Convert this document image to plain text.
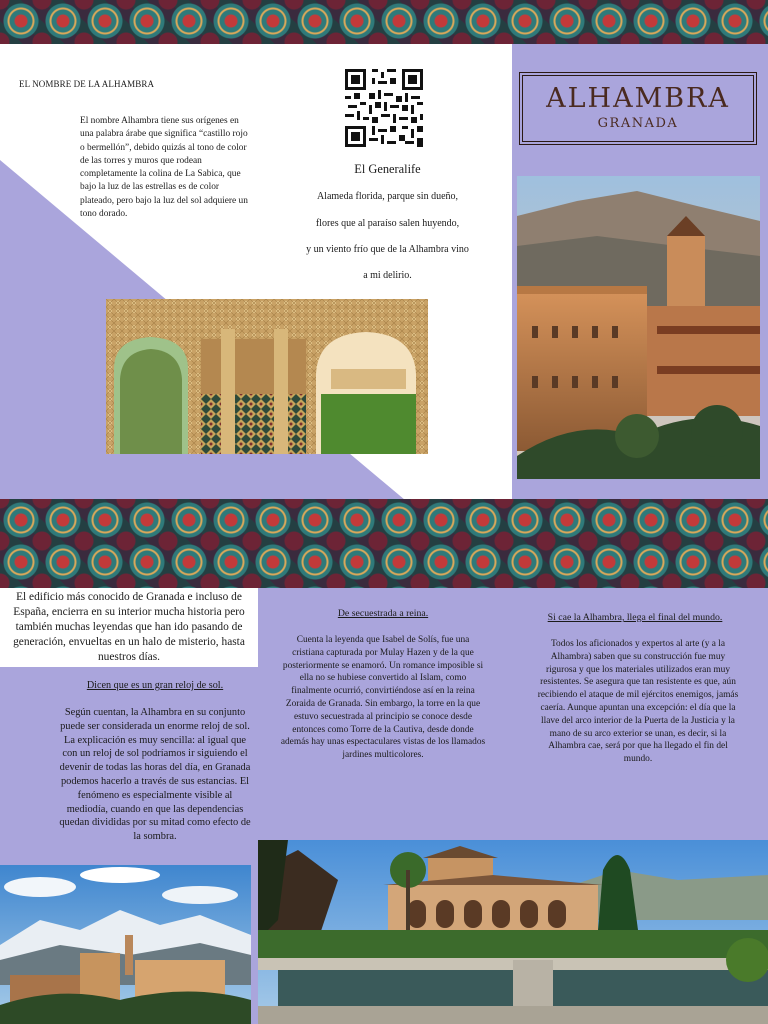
EL NOMBRE DE LA ALHAMBRA
El nombre Alhambra tiene sus orígenes en una palabra árabe que significa “castillo rojo o bermellón”, debido quizás al tono de color de las torres y muros que rodean completamente la colina de La Sabica, que bajo la luz de las estrellas es de color plateado, pero bajo la luz del sol adquiere un tono dorado.
El Generalife
Alameda florida, parque sin dueño,
flores que al paraíso salen huyendo,
y un viento frío que de la Alhambra vino
a mi delirio.
ALHAMBRA
GRANADA
El edificio más conocido de Granada e incluso de España, encierra en su interior mucha historia pero también muchas leyendas que han ido pasando de generación, envueltas en un halo de misterio, hasta nuestros días.
Dicen que es un gran reloj de sol.
Según cuentan, la Alhambra en su conjunto puede ser considerada un enorme reloj de sol. La explicación es muy sencilla: al igual que con un reloj de sol podríamos ir siguiendo el devenir de todas las horas del día, en Granada podemos hacerlo a través de sus estancias. El fenómeno es especialmente visible al mediodía, cuando en que las dependencias quedan divididas por su mitad como efecto de la sombra.
De secuestrada a reina.
Cuenta la leyenda que Isabel de Solís, fue una cristiana capturada por Mulay Hazen y de la que posteriormente se enamoró. Un romance imposible si ella no se hubiese convertido al Islam, como finalmente ocurrió, convirtiéndose así en la reina Zoraida de Granada. Sin embargo, la torre en la que estuvo secuestrada al principio se conoce desde entonces como Torre de la Cautiva, desde donde además hay unas espectaculares vistas de los llamados jardines multicolores.
Si cae la Alhambra, llega el final del mundo.
Todos los aficionados y expertos al arte (y a la Alhambra) saben que su construcción fue muy rigurosa y que los materiales utilizados eran muy resistentes. Se asegura que tan resistente es que, aún recibiendo el ataque de mil ejércitos enemigos, jamás caería. Aunque apuntan una excepción: el día que la llave del arco interior de la Puerta de la Justicia y la mano de su arco exterior se unan, es decir, si la Alhambra cae, será por que ha llegado el fin del mundo.
